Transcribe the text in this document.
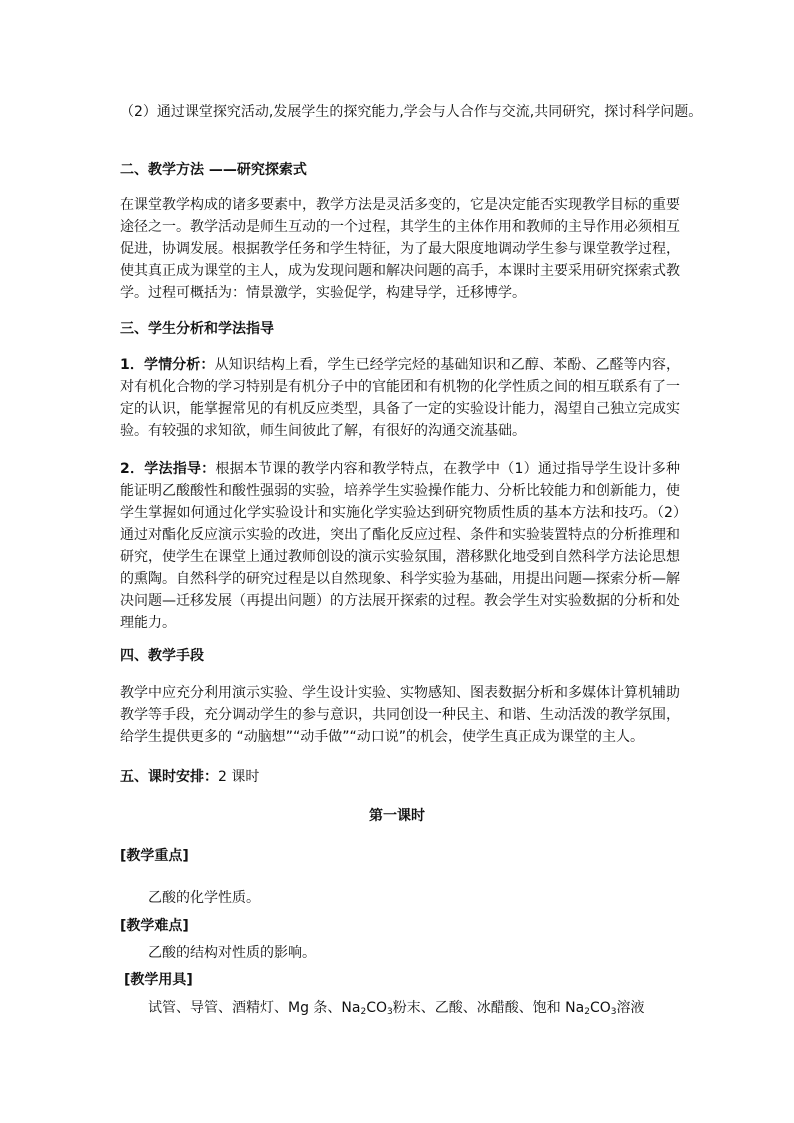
（2）通过课堂探究活动,发展学生的探究能力,学会与人合作与交流,共同研究，探讨科学问题。

二、教学方法 ——研究探索式

在课堂教学构成的诸多要素中，教学方法是灵活多变的，它是决定能否实现教学目标的重要途径之一。教学活动是师生互动的一个过程，其学生的主体作用和教师的主导作用必须相互促进，协调发展。根据教学任务和学生特征，为了最大限度地调动学生参与课堂教学过程，使其真正成为课堂的主人，成为发现问题和解决问题的高手，本课时主要采用研究探索式教学。过程可概括为：情景激学，实验促学，构建导学，迁移博学。

三、学生分析和学法指导

1．学情分析：从知识结构上看，学生已经学完烃的基础知识和乙醇、苯酚、乙醛等内容，对有机化合物的学习特别是有机分子中的官能团和有机物的化学性质之间的相互联系有了一定的认识，能掌握常见的有机反应类型，具备了一定的实验设计能力，渴望自己独立完成实验。有较强的求知欲，师生间彼此了解，有很好的沟通交流基础。

2．学法指导：根据本节课的教学内容和教学特点，在教学中（1）通过指导学生设计多种能证明乙酸酸性和酸性强弱的实验，培养学生实验操作能力、分析比较能力和创新能力，使学生掌握如何通过化学实验设计和实施化学实验达到研究物质性质的基本方法和技巧。（2）通过对酯化反应演示实验的改进，突出了酯化反应过程、条件和实验装置特点的分析推理和研究，使学生在课堂上通过教师创设的演示实验氛围，潜移默化地受到自然科学方法论思想的熏陶。自然科学的研究过程是以自然现象、科学实验为基础，用提出问题—探索分析—解决问题—迁移发展（再提出问题）的方法展开探索的过程。教会学生对实验数据的分析和处理能力。

四、教学手段

教学中应充分利用演示实验、学生设计实验、实物感知、图表数据分析和多媒体计算机辅助教学等手段，充分调动学生的参与意识，共同创设一种民主、和谐、生动活泼的教学氛围，给学生提供更多的 “动脑想”“动手做”“动口说”的机会，使学生真正成为课堂的主人。

五、课时安排：2 课时

第一课时

[教学重点]

乙酸的化学性质。

[教学难点]

乙酸的结构对性质的影响。

[教学用具]

试管、导管、酒精灯、Mg 条、$Na_2CO_3$粉末、乙酸、冰醋酸、饱和 $Na_2CO_3$溶液
